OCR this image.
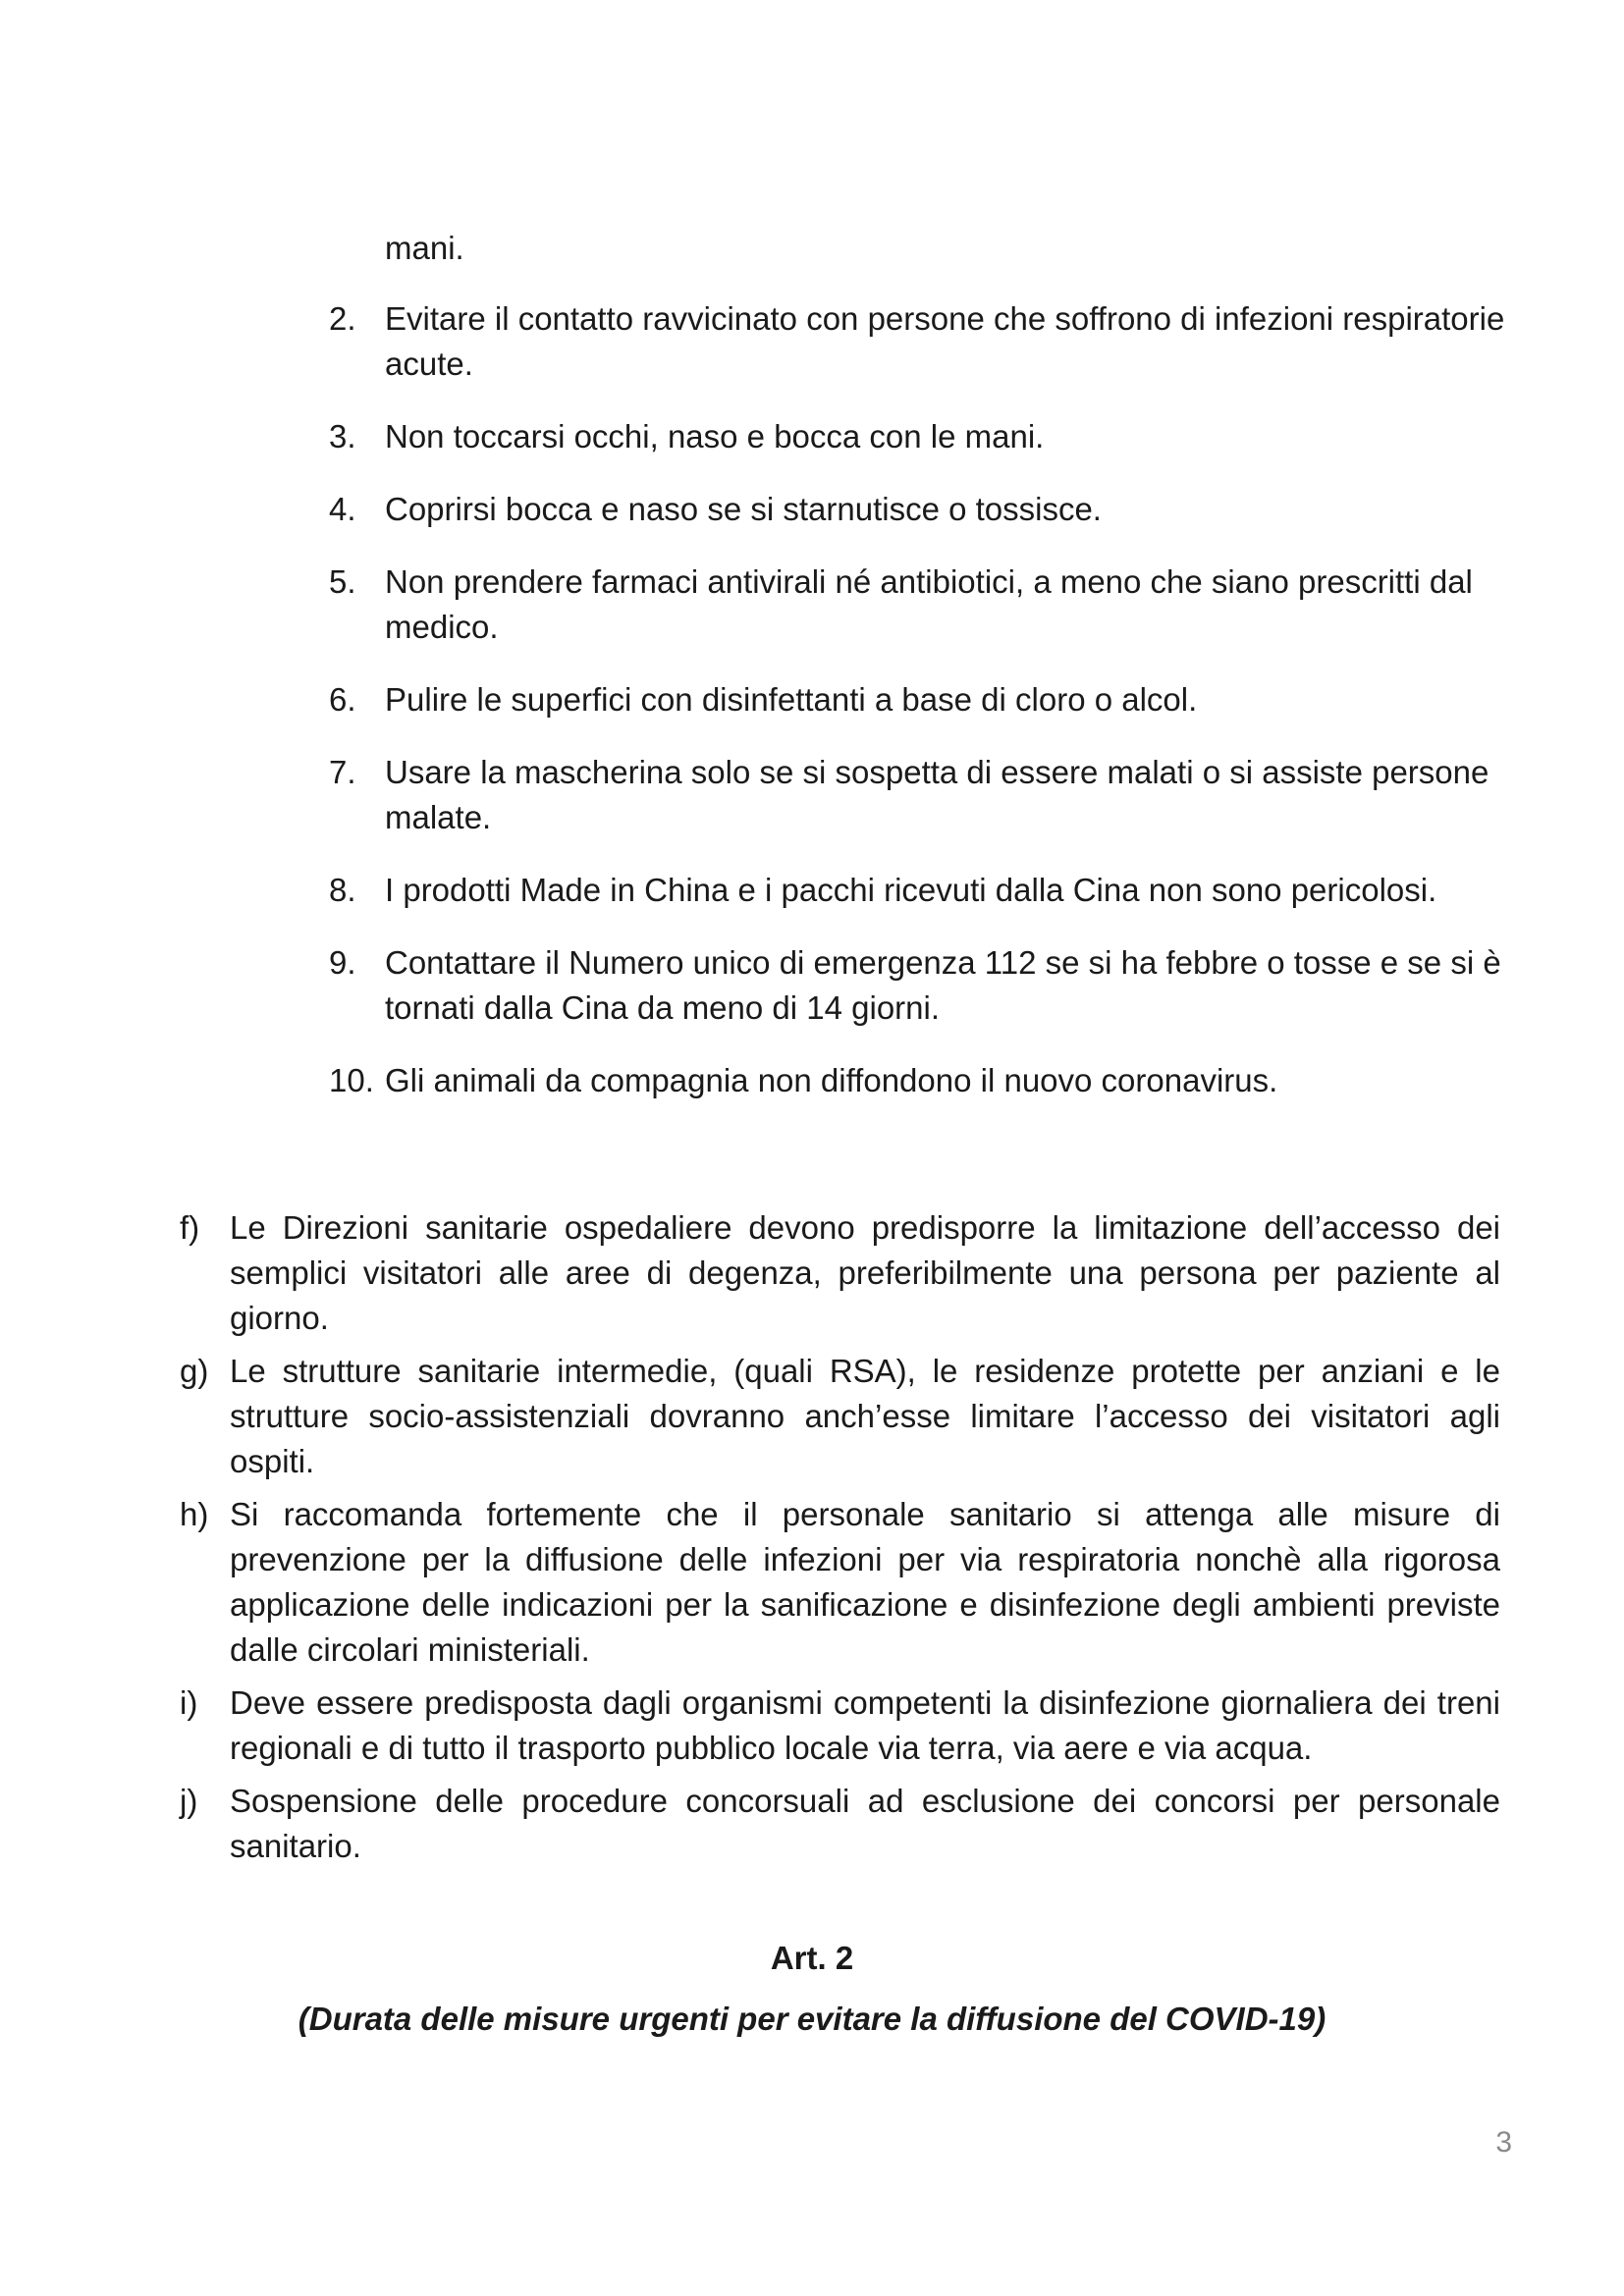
mani.
2. Evitare il contatto ravvicinato con persone che soffrono di infezioni respiratorie acute.
3. Non toccarsi occhi, naso e bocca con le mani.
4. Coprirsi bocca e naso se si starnutisce o tossisce.
5. Non prendere farmaci antivirali né antibiotici, a meno che siano prescritti dal medico.
6. Pulire le superfici con disinfettanti a base di cloro o alcol.
7. Usare la mascherina solo se si sospetta di essere malati o si assiste persone malate.
8. I prodotti Made in China e i pacchi ricevuti dalla Cina non sono pericolosi.
9. Contattare il Numero unico di emergenza 112 se si ha febbre o tosse e se si è tornati dalla Cina da meno di 14 giorni.
10. Gli animali da compagnia non diffondono il nuovo coronavirus.
f) Le Direzioni sanitarie ospedaliere devono predisporre la limitazione dell’accesso dei semplici visitatori alle aree di degenza, preferibilmente una persona per paziente al giorno.
g) Le strutture sanitarie intermedie, (quali RSA), le residenze protette per anziani e le strutture socio-assistenziali dovranno anch’esse limitare l’accesso dei visitatori agli ospiti.
h) Si raccomanda fortemente che il personale sanitario si attenga alle misure di prevenzione per la diffusione delle infezioni per via respiratoria nonchè alla rigorosa applicazione delle indicazioni per la sanificazione e disinfezione degli ambienti previste dalle circolari ministeriali.
i) Deve essere predisposta dagli organismi competenti la disinfezione giornaliera dei treni regionali e di tutto il trasporto pubblico locale via terra, via aere e via acqua.
j) Sospensione delle procedure concorsuali ad esclusione dei concorsi per personale sanitario.
Art. 2
(Durata delle misure urgenti per evitare la diffusione del COVID-19)
3
